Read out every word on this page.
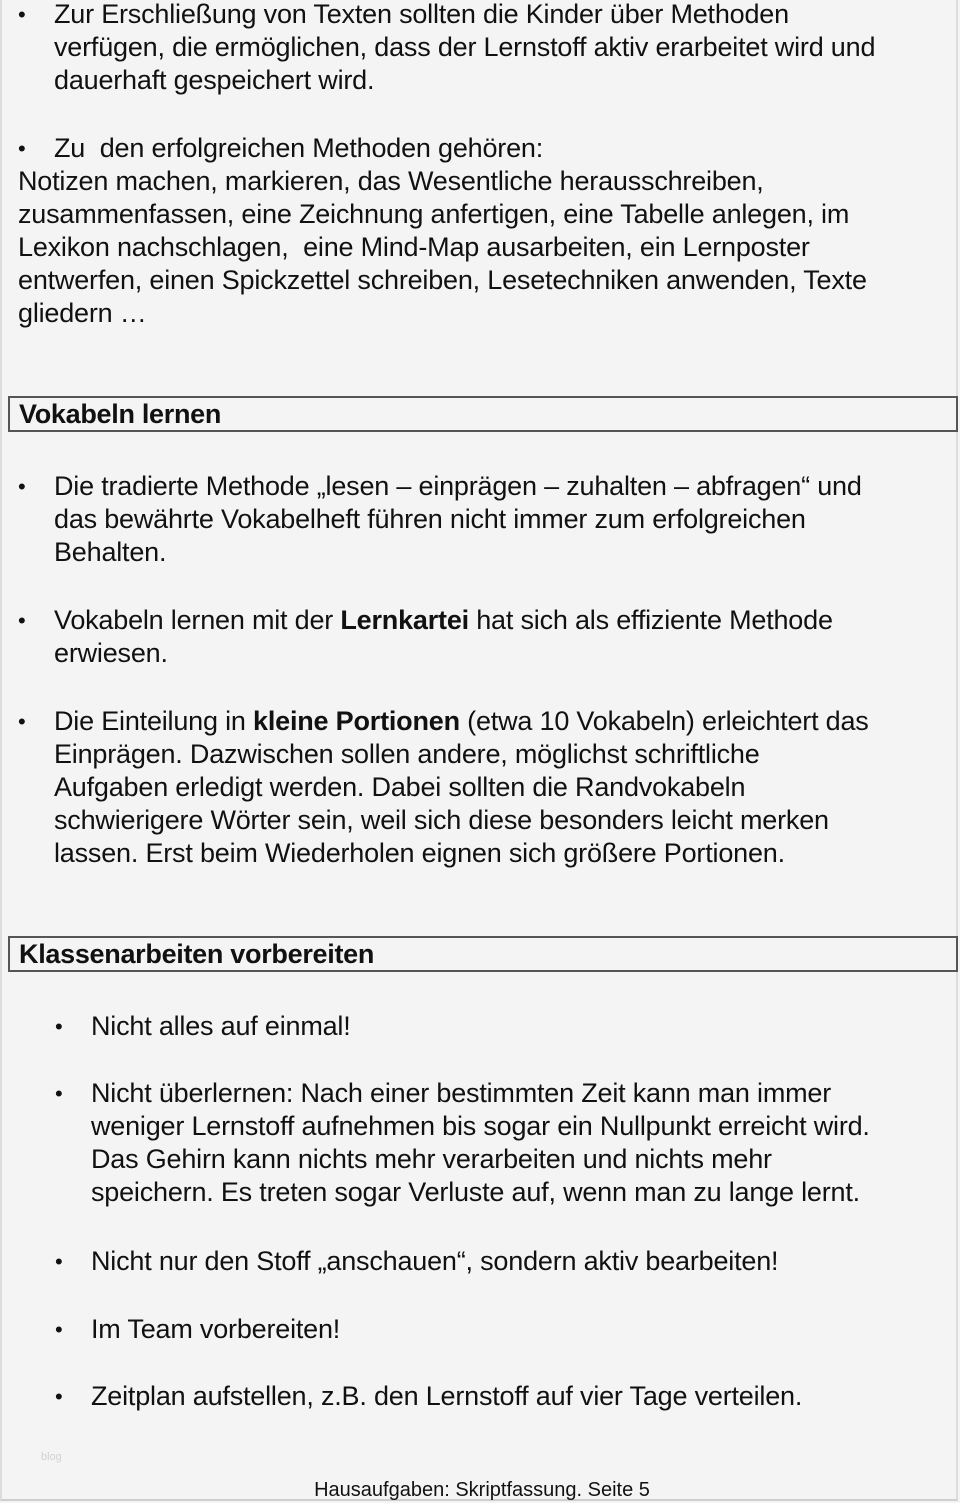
• Zur Erschließung von Texten sollten die Kinder über Methoden
verfügen, die ermöglichen, dass der Lernstoff aktiv erarbeitet wird und
dauerhaft gespeichert wird.
• Zu  den erfolgreichen Methoden gehören:
Notizen machen, markieren, das Wesentliche herausschreiben,
zusammenfassen, eine Zeichnung anfertigen, eine Tabelle anlegen, im
Lexikon nachschlagen,  eine Mind-Map ausarbeiten, ein Lernposter
entwerfen, einen Spickzettel schreiben, Lesetechniken anwenden, Texte
gliedern …
Vokabeln lernen
• Die tradierte Methode „lesen – einprägen – zuhalten – abfragen“ und
das bewährte Vokabelheft führen nicht immer zum erfolgreichen
Behalten.
• Vokabeln lernen mit der Lernkartei hat sich als effiziente Methode
erwiesen.
• Die Einteilung in kleine Portionen (etwa 10 Vokabeln) erleichtert das
Einprägen. Dazwischen sollen andere, möglichst schriftliche
Aufgaben erledigt werden. Dabei sollten die Randvokabeln
schwierigere Wörter sein, weil sich diese besonders leicht merken
lassen. Erst beim Wiederholen eignen sich größere Portionen.
Klassenarbeiten vorbereiten
• Nicht alles auf einmal!
• Nicht überlernen: Nach einer bestimmten Zeit kann man immer
weniger Lernstoff aufnehmen bis sogar ein Nullpunkt erreicht wird.
Das Gehirn kann nichts mehr verarbeiten und nichts mehr
speichern. Es treten sogar Verluste auf, wenn man zu lange lernt.
• Nicht nur den Stoff „anschauen“, sondern aktiv bearbeiten!
• Im Team vorbereiten!
• Zeitplan aufstellen, z.B. den Lernstoff auf vier Tage verteilen.
blog
Hausaufgaben: Skriptfassung. Seite 5
